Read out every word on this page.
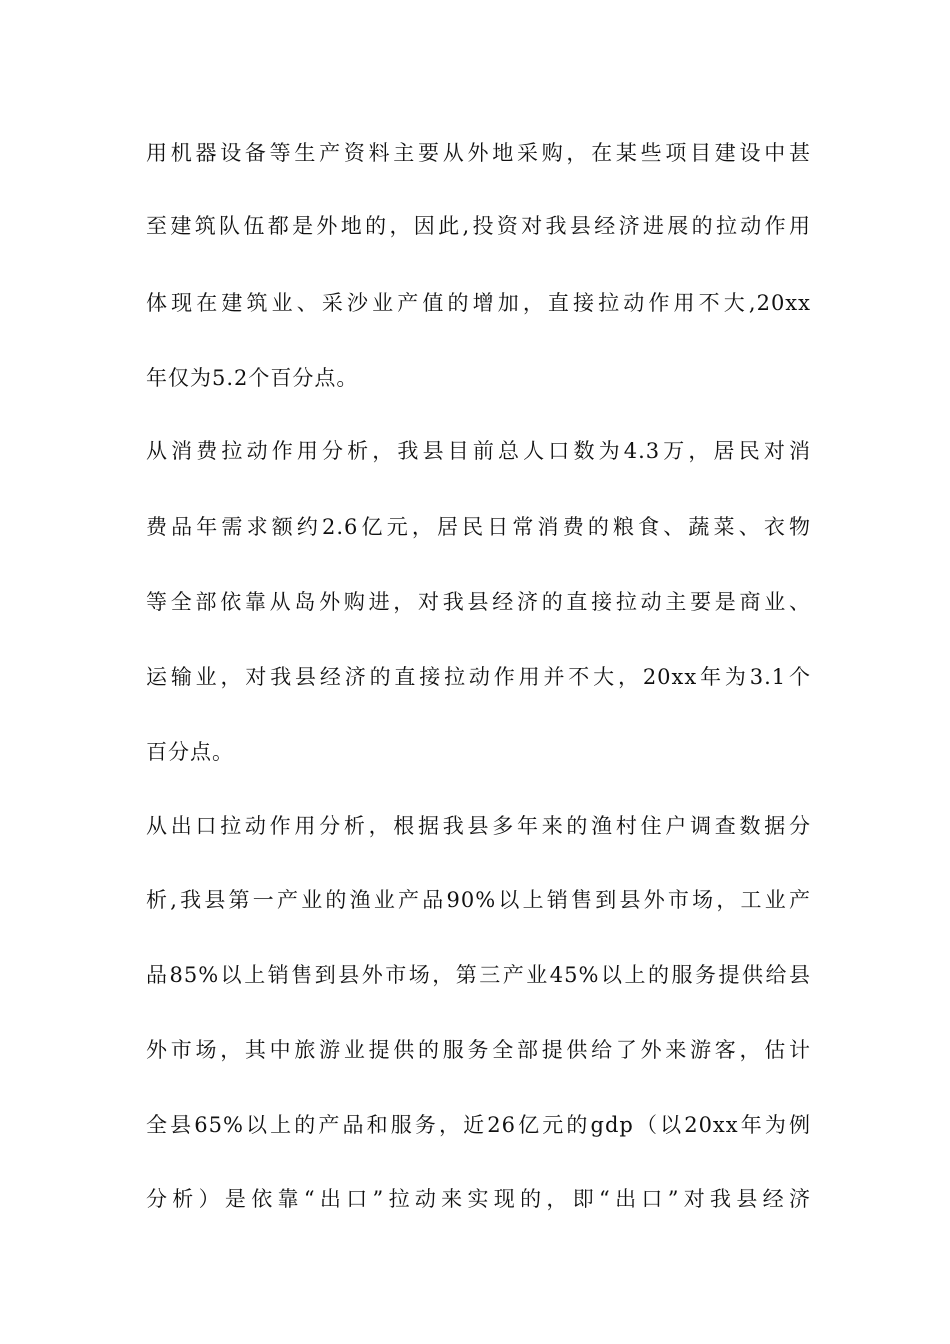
用机器设备等生产资料主要从外地采购，在某些项目建设中甚
至建筑队伍都是外地的，因此,投资对我县经济进展的拉动作用
体现在建筑业、采沙业产值的增加，直接拉动作用不大,20xx
年仅为5.2个百分点。
从消费拉动作用分析，我县目前总人口数为4.3万，居民对消
费品年需求额约2.6亿元，居民日常消费的粮食、蔬菜、衣物
等全部依靠从岛外购进，对我县经济的直接拉动主要是商业、
运输业，对我县经济的直接拉动作用并不大，20xx年为3.1个
百分点。
从出口拉动作用分析，根据我县多年来的渔村住户调查数据分
析,我县第一产业的渔业产品90%以上销售到县外市场，工业产
品85%以上销售到县外市场，第三产业45%以上的服务提供给县
外市场，其中旅游业提供的服务全部提供给了外来游客，估计
全县65%以上的产品和服务，近26亿元的gdp（以20xx年为例
分析）是依靠“出口”拉动来实现的，即“出口”对我县经济
